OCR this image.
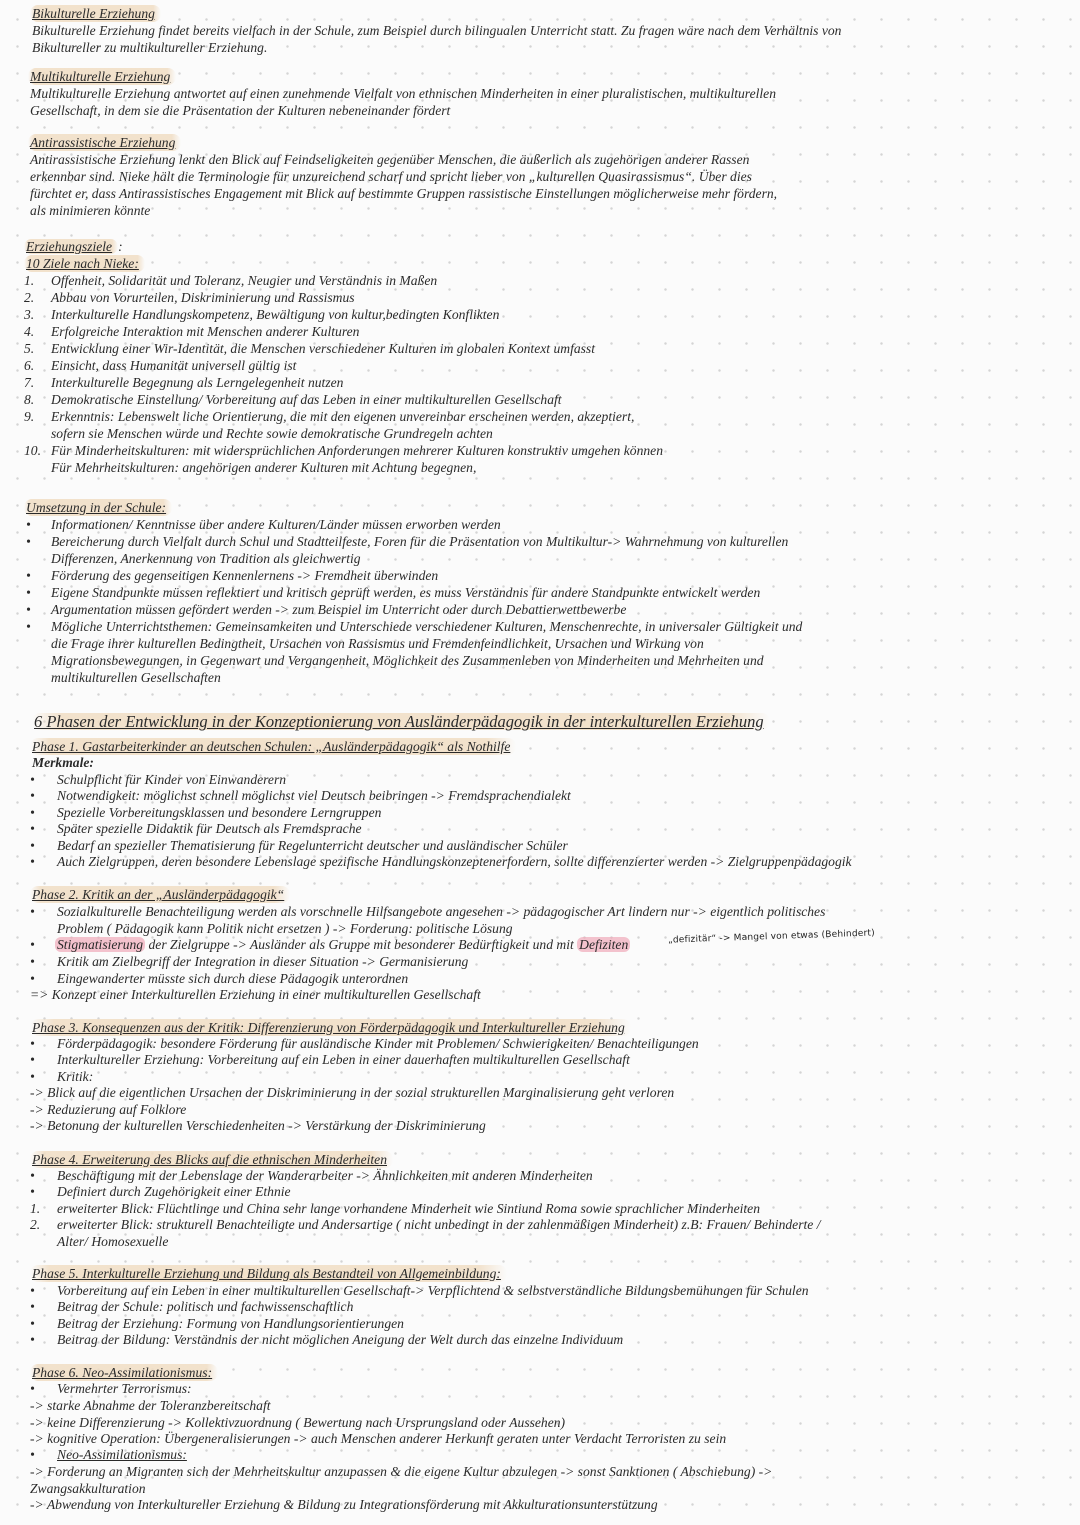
Bikulturelle Erziehung
Bikulturelle Erziehung findet bereits vielfach in der Schule, zum Beispiel durch bilingualen Unterricht statt. Zu fragen wäre nach dem Verhältnis von
Bikultureller zu multikultureller Erziehung.
Multikulturelle Erziehung
Multikulturelle Erziehung antwortet auf einen zunehmende Vielfalt von ethnischen Minderheiten in einer pluralistischen, multikulturellen
Gesellschaft, in dem sie die Präsentation der Kulturen nebeneinander fördert
Antirassistische Erziehung
Antirassistische Erziehung lenkt den Blick auf Feindseligkeiten gegenüber Menschen, die äußerlich als zugehörigen anderer Rassen
erkennbar sind. Nieke hält die Terminologie für unzureichend scharf und spricht lieber von „kulturellen Quasirassismus“. Über dies
fürchtet er, dass Antirassistisches Engagement mit Blick auf bestimmte Gruppen rassistische Einstellungen möglicherweise mehr fördern,
als minimieren könnte
Erziehungsziele :
10 Ziele nach Nieke:
1. Offenheit, Solidarität und Toleranz, Neugier und Verständnis in Maßen
2. Abbau von Vorurteilen, Diskriminierung und Rassismus
3. Interkulturelle Handlungskompetenz, Bewältigung von kultur,bedingten Konflikten
4. Erfolgreiche Interaktion mit Menschen anderer Kulturen
5. Entwicklung einer Wir-Identität, die Menschen verschiedener Kulturen im globalen Kontext umfasst
6. Einsicht, dass Humanität universell gültig ist
7. Interkulturelle Begegnung als Lerngelegenheit nutzen
8. Demokratische Einstellung/ Vorbereitung auf das Leben in einer multikulturellen Gesellschaft
9. Erkenntnis: Lebenswelt liche Orientierung, die mit den eigenen unvereinbar erscheinen werden, akzeptiert,
sofern sie Menschen würde und Rechte sowie demokratische Grundregeln achten
10. Für Minderheitskulturen: mit widersprüchlichen Anforderungen mehrerer Kulturen konstruktiv umgehen können
Für Mehrheitskulturen: angehörigen anderer Kulturen mit Achtung begegnen,
Umsetzung in der Schule:
• Informationen/ Kenntnisse über andere Kulturen/Länder müssen erworben werden
• Bereicherung durch Vielfalt durch Schul und Stadtteilfeste, Foren für die Präsentation von Multikultur-> Wahrnehmung von kulturellen
Differenzen, Anerkennung von Tradition als gleichwertig
• Förderung des gegenseitigen Kennenlernens -> Fremdheit überwinden
• Eigene Standpunkte müssen reflektiert und kritisch geprüft werden, es muss Verständnis für andere Standpunkte entwickelt werden
• Argumentation müssen gefördert werden -> zum Beispiel im Unterricht oder durch Debattierwettbewerbe
• Mögliche Unterrichtsthemen: Gemeinsamkeiten und Unterschiede verschiedener Kulturen, Menschenrechte, in universaler Gültigkeit und
die Frage ihrer kulturellen Bedingtheit, Ursachen von Rassismus und Fremdenfeindlichkeit, Ursachen und Wirkung von
Migrationsbewegungen, in Gegenwart und Vergangenheit, Möglichkeit des Zusammenleben von Minderheiten und Mehrheiten und
multikulturellen Gesellschaften
6 Phasen der Entwicklung in der Konzeptionierung von Ausländerpädagogik in der interkulturellen Erziehung
Phase 1. Gastarbeiterkinder an deutschen Schulen: „Ausländerpädagogik“ als Nothilfe
Merkmale:
• Schulpflicht für Kinder von Einwanderern
• Notwendigkeit: möglichst schnell möglichst viel Deutsch beibringen -> Fremdsprachendialekt
• Spezielle Vorbereitungsklassen und besondere Lerngruppen
• Später spezielle Didaktik für Deutsch als Fremdsprache
• Bedarf an spezieller Thematisierung für Regelunterricht deutscher und ausländischer Schüler
• Auch Zielgruppen, deren besondere Lebenslage spezifische Handlungskonzeptenerfordern, sollte differenzierter werden -> Zielgruppenpädagogik
Phase 2. Kritik an der „Ausländerpädagogik“
• Sozialkulturelle Benachteiligung werden als vorschnelle Hilfsangebote angesehen -> pädagogischer Art lindern nur -> eigentlich politisches
Problem ( Pädagogik kann Politik nicht ersetzen ) -> Forderung: politische Lösung
• Stigmatisierung der Zielgruppe -> Ausländer als Gruppe mit besonderer Bedürftigkeit und mit Defiziten	„defizitär“ -> Mangel von etwas (Behindert)
• Kritik am Zielbegriff der Integration in dieser Situation -> Germanisierung
• Eingewanderter müsste sich durch diese Pädagogik unterordnen
=> Konzept einer Interkulturellen Erziehung in einer multikulturellen Gesellschaft
Phase 3. Konsequenzen aus der Kritik: Differenzierung von Förderpädagogik und Interkultureller Erziehung
• Förderpädagogik: besondere Förderung für ausländische Kinder mit Problemen/ Schwierigkeiten/ Benachteiligungen
• Interkultureller Erziehung: Vorbereitung auf ein Leben in einer dauerhaften multikulturellen Gesellschaft
• Kritik:
-> Blick auf die eigentlichen Ursachen der Diskriminierung in der sozial strukturellen Marginalisierung geht verloren
-> Reduzierung auf Folklore
-> Betonung der kulturellen Verschiedenheiten -> Verstärkung der Diskriminierung
Phase 4. Erweiterung des Blicks auf die ethnischen Minderheiten
• Beschäftigung mit der Lebenslage der Wanderarbeiter -> Ähnlichkeiten mit anderen Minderheiten
• Definiert durch Zugehörigkeit einer Ethnie
1. erweiterter Blick: Flüchtlinge und China sehr lange vorhandene Minderheit wie Sintiund Roma sowie sprachlicher Minderheiten
2. erweiterter Blick: strukturell Benachteiligte und Andersartige ( nicht unbedingt in der zahlenmäßigen Minderheit) z.B: Frauen/ Behinderte /
Alter/ Homosexuelle
Phase 5. Interkulturelle Erziehung und Bildung als Bestandteil von Allgemeinbildung:
• Vorbereitung auf ein Leben in einer multikulturellen Gesellschaft-> Verpflichtend & selbstverständliche Bildungsbemühungen für Schulen
• Beitrag der Schule: politisch und fachwissenschaftlich
• Beitrag der Erziehung: Formung von Handlungsorientierungen
• Beitrag der Bildung: Verständnis der nicht möglichen Aneigung der Welt durch das einzelne Individuum
Phase 6. Neo-Assimilationismus:
• Vermehrter Terrorismus:
-> starke Abnahme der Toleranzbereitschaft
-> keine Differenzierung -> Kollektivzuordnung ( Bewertung nach Ursprungsland oder Aussehen)
-> kognitive Operation: Übergeneralisierungen -> auch Menschen anderer Herkunft geraten unter Verdacht Terroristen zu sein
• Neo-Assimilationismus:
-> Forderung an Migranten sich der Mehrheitskultur anzupassen & die eigene Kultur abzulegen -> sonst Sanktionen ( Abschiebung) ->
Zwangsakkulturation
-> Abwendung von Interkultureller Erziehung & Bildung zu Integrationsförderung mit Akkulturationsunterstützung
